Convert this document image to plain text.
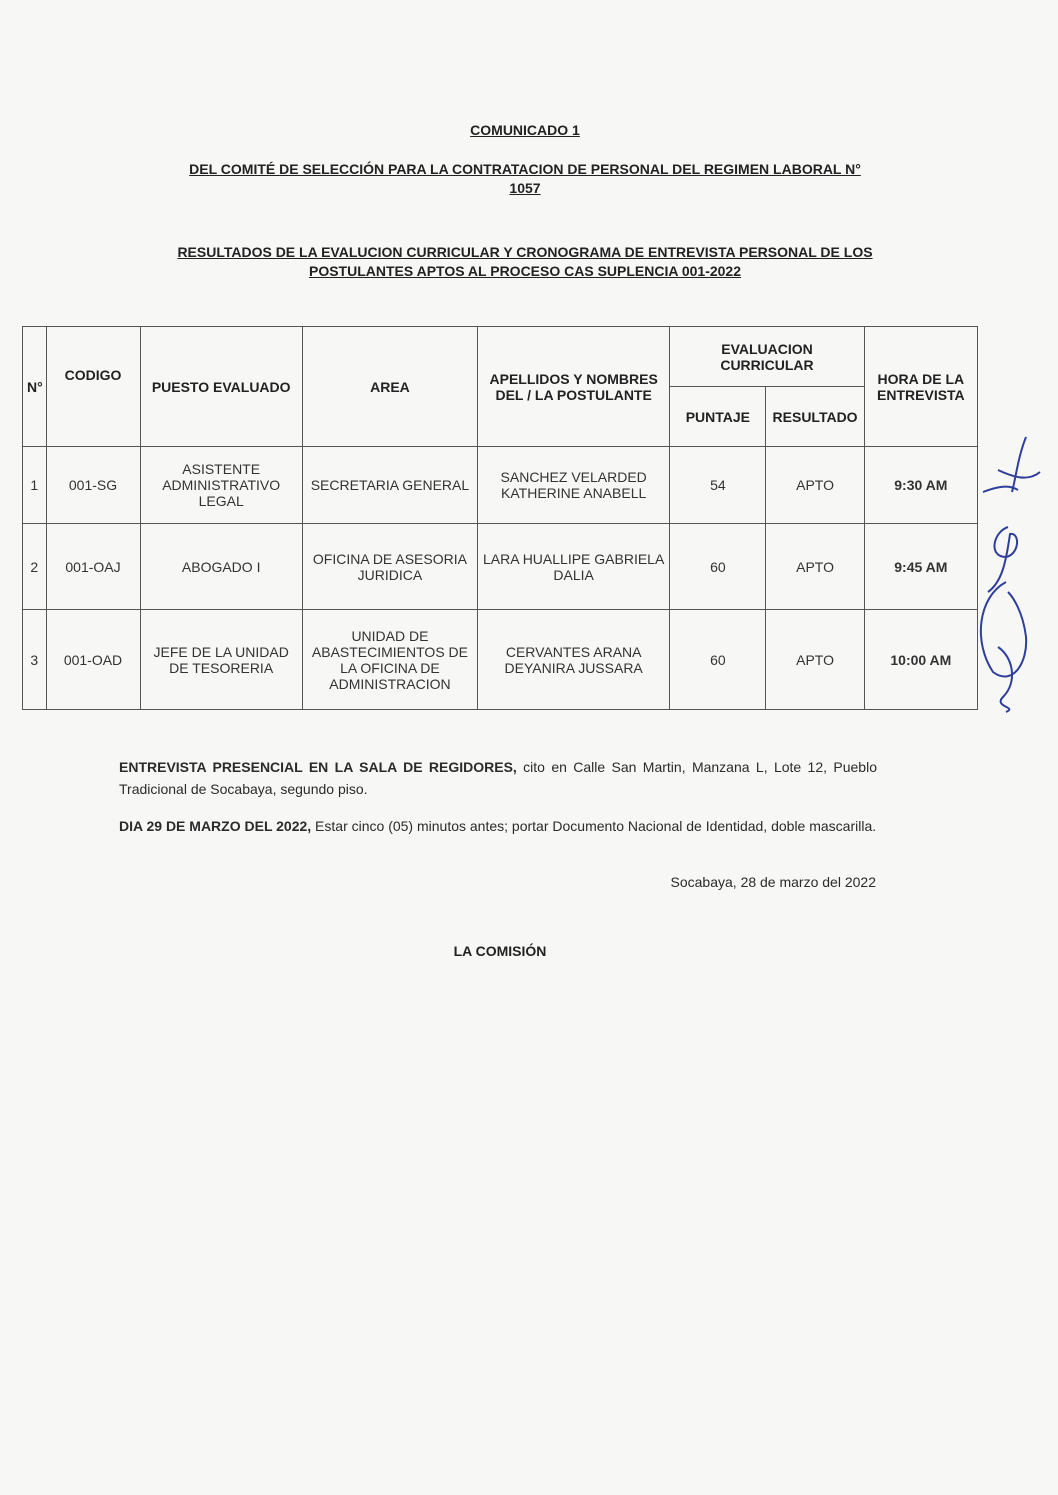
COMUNICADO 1
DEL COMITÉ DE SELECCIÓN PARA LA CONTRATACION DE PERSONAL DEL REGIMEN LABORAL N°
1057
RESULTADOS DE LA EVALUCION CURRICULAR Y CRONOGRAMA DE ENTREVISTA PERSONAL DE LOS
POSTULANTES APTOS AL PROCESO CAS SUPLENCIA 001-2022
N°	CODIGO	PUESTO EVALUADO	AREA	APELLIDOS Y NOMBRES DEL / LA POSTULANTE	EVALUACION CURRICULAR		HORA DE LA ENTREVISTA
					PUNTAJE	RESULTADO	
1	001-SG	ASISTENTE ADMINISTRATIVO LEGAL	SECRETARIA GENERAL	SANCHEZ VELARDED KATHERINE ANABELL	54	APTO	9:30 AM
2	001-OAJ	ABOGADO I	OFICINA DE ASESORIA JURIDICA	LARA HUALLIPE GABRIELA DALIA	60	APTO	9:45 AM
3	001-OAD	JEFE DE LA UNIDAD DE TESORERIA	UNIDAD DE ABASTECIMIENTOS DE LA OFICINA DE ADMINISTRACION	CERVANTES ARANA DEYANIRA JUSSARA	60	APTO	10:00 AM
ENTREVISTA PRESENCIAL EN LA SALA DE REGIDORES, cito en Calle San Martin, Manzana L, Lote 12, Pueblo Tradicional de Socabaya, segundo piso.
DIA 29 DE MARZO DEL 2022, Estar cinco (05) minutos antes; portar Documento Nacional de Identidad, doble mascarilla.
Socabaya, 28 de marzo del 2022
LA COMISIÓN
